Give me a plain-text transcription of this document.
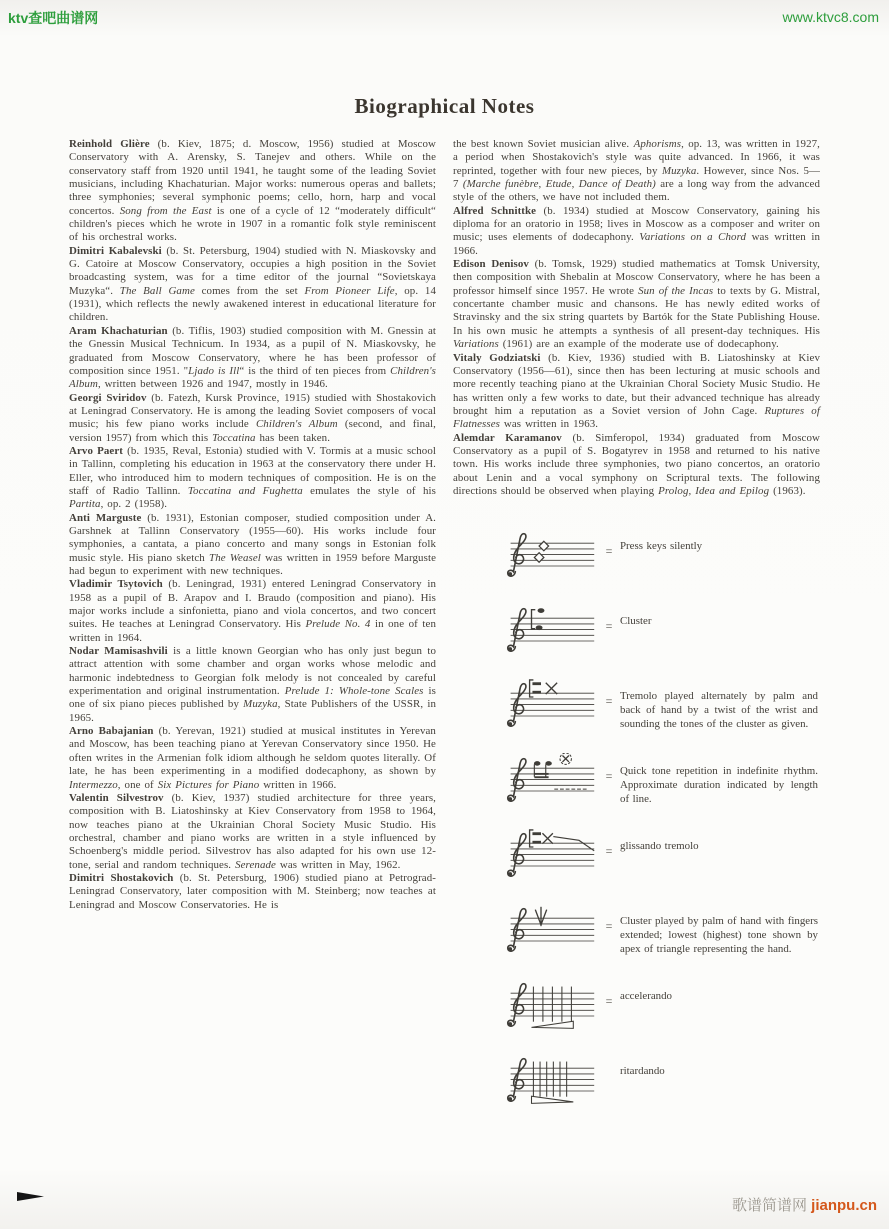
ktv查吧曲谱网	www.ktvc8.com
Biographical Notes

Reinhold Glière (b. Kiev, 1875; d. Moscow, 1956) studied at Moscow Conservatory with A. Arensky, S. Tanejev and others. While on the conservatory staff from 1920 until 1941, he taught some of the leading Soviet musicians, including Khachaturian. Major works: numerous operas and ballets; three symphonies; several symphonic poems; cello, horn, harp and vocal concertos. Song from the East is one of a cycle of 12 “moderately difficult“ children's pieces which he wrote in 1907 in a romantic folk style reminiscent of his orchestral works.

Dimitri Kabalevski (b. St. Petersburg, 1904) studied with N. Miaskovsky and G. Catoire at Moscow Conservatory, occupies a high position in the Soviet broadcasting system, was for a time editor of the journal “Sovietskaya Muzyka“. The Ball Game comes from the set From Pioneer Life, op. 14 (1931), which reflects the newly awakened interest in educational literature for children.

Aram Khachaturian (b. Tiflis, 1903) studied composition with M. Gnessin at the Gnessin Musical Technicum. In 1934, as a pupil of N. Miaskovsky, he graduated from Moscow Conservatory, where he has been professor of composition since 1951. "Ljado is Ill“ is the third of ten pieces from Children's Album, written between 1926 and 1947, mostly in 1946.

Georgi Sviridov (b. Fatezh, Kursk Province, 1915) studied with Shostakovich at Leningrad Conservatory. He is among the leading Soviet composers of vocal music; his few piano works include Children's Album (second, and final, version 1957) from which this Toccatina has been taken.

Arvo Paert (b. 1935, Reval, Estonia) studied with V. Tormis at a music school in Tallinn, completing his education in 1963 at the conservatory there under H. Eller, who introduced him to modern techniques of composition. He is on the staff of Radio Tallinn. Toccatina and Fughetta emulates the style of his Partita, op. 2 (1958).

Anti Marguste (b. 1931), Estonian composer, studied composition under A. Garshnek at Tallinn Conservatory (1955—60). His works include four symphonies, a cantata, a piano concerto and many songs in Estonian folk music style. His piano sketch The Weasel was written in 1959 before Marguste had begun to experiment with new techniques.

Vladimir Tsytovich (b. Leningrad, 1931) entered Leningrad Conservatory in 1958 as a pupil of B. Arapov and I. Braudo (composition and piano). His major works include a sinfonietta, piano and viola concertos, and two concert suites. He teaches at Leningrad Conservatory. His Prelude No. 4 in one of ten written in 1964.

Nodar Mamisashvili is a little known Georgian who has only just begun to attract attention with some chamber and organ works whose melodic and harmonic indebtedness to Georgian folk melody is not concealed by careful experimentation and original instrumentation. Prelude 1: Whole-tone Scales is one of six piano pieces published by Muzyka, State Publishers of the USSR, in 1965.

Arno Babajanian (b. Yerevan, 1921) studied at musical institutes in Yerevan and Moscow, has been teaching piano at Yerevan Conservatory since 1950. He often writes in the Armenian folk idiom although he seldom quotes literally. Of late, he has been experimenting in a modified dodecaphony, as shown by Intermezzo, one of Six Pictures for Piano written in 1966.

Valentin Silvestrov (b. Kiev, 1937) studied architecture for three years, composition with B. Liatoshinsky at Kiev Conservatory from 1958 to 1964, now teaches piano at the Ukrainian Choral Society Music Studio. His orchestral, chamber and piano works are written in a style influenced by Schoenberg's middle period. Silvestrov has also adapted for his own use 12-tone, serial and random techniques. Serenade was written in May, 1962.

Dimitri Shostakovich (b. St. Petersburg, 1906) studied piano at Petrograd-Leningrad Conservatory, later composition with M. Steinberg; now teaches at Leningrad and Moscow Conservatories. He is

the best known Soviet musician alive. Aphorisms, op. 13, was written in 1927, a period when Shostakovich's style was quite advanced. In 1966, it was reprinted, together with four new pieces, by Muzyka. However, since Nos. 5—7 (Marche funèbre, Etude, Dance of Death) are a long way from the advanced style of the others, we have not included them.

Alfred Schnittke (b. 1934) studied at Moscow Conservatory, gaining his diploma for an oratorio in 1958; lives in Moscow as a composer and writer on music; uses elements of dodecaphony. Variations on a Chord was written in 1966.

Edison Denisov (b. Tomsk, 1929) studied mathematics at Tomsk University, then composition with Shebalin at Moscow Conservatory, where he has been a professor himself since 1957. He wrote Sun of the Incas to texts by G. Mistral, concertante chamber music and chansons. He has newly edited works of Stravinsky and the six string quartets by Bartók for the State Publishing House. In his own music he attempts a synthesis of all present-day techniques. His Variations (1961) are an example of the moderate use of dodecaphony.

Vitaly Godziatski (b. Kiev, 1936) studied with B. Liatoshinsky at Kiev Conservatory (1956—61), since then has been lecturing at music schools and more recently teaching piano at the Ukrainian Choral Society Music Studio. He has written only a few works to date, but their advanced technique has already brought him a reputation as a Soviet version of John Cage. Ruptures of Flatnesses was written in 1963.

Alemdar Karamanov (b. Simferopol, 1934) graduated from Moscow Conservatory as a pupil of S. Bogatyrev in 1958 and returned to his native town. His works include three symphonies, two piano concertos, an oratorio about Lenin and a vocal symphony on Scriptural texts. The following directions should be observed when playing Prolog, Idea and Epilog (1963).

= Press keys silently
= Cluster
= Tremolo played alternately by palm and back of hand by a twist of the wrist and sounding the tones of the cluster as given.
= Quick tone repetition in indefinite rhythm. Approximate duration indicated by length of line.
= glissando tremolo
= Cluster played by palm of hand with fingers extended; lowest (highest) tone shown by apex of triangle representing the hand.
= accelerando
ritardando
歌谱简谱网 jianpu.cn
